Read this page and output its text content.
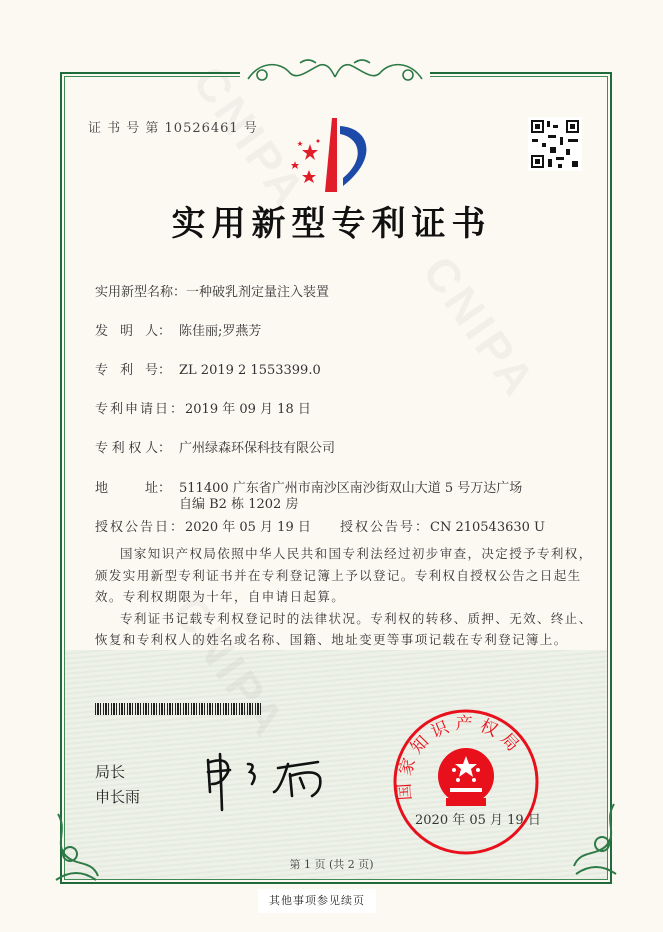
证 书 号 第 10526461 号
实用新型专利证书
实用新型名称：一种破乳剂定量注入装置
发 明 人： 陈佳丽;罗燕芳
专 利 号： ZL 2019 2 1553399.0
专利申请日：2019 年 09 月 18 日
专 利 权 人： 广州绿森环保科技有限公司
地	址： 511400 广东省广州市南沙区南沙街双山大道 5 号万达广场
自编 B2 栋 1202 房
授权公告日：2020 年 05 月 19 日 授权公告号：CN 210543630 U

国家知识产权局依照中华人民共和国专利法经过初步审查，决定授予专利权，颁发实用新型专利证书并在专利登记簿上予以登记。专利权自授权公告之日起生效。专利权期限为十年，自申请日起算。

专利证书记载专利权登记时的法律状况。专利权的转移、质押、无效、终止、恢复和专利权人的姓名或名称、国籍、地址变更等事项记载在专利登记簿上。

局长
申长雨	国家知识产权局
2020 年 05 月 19 日
第 1 页 (共 2 页)
其他事项参见续页
